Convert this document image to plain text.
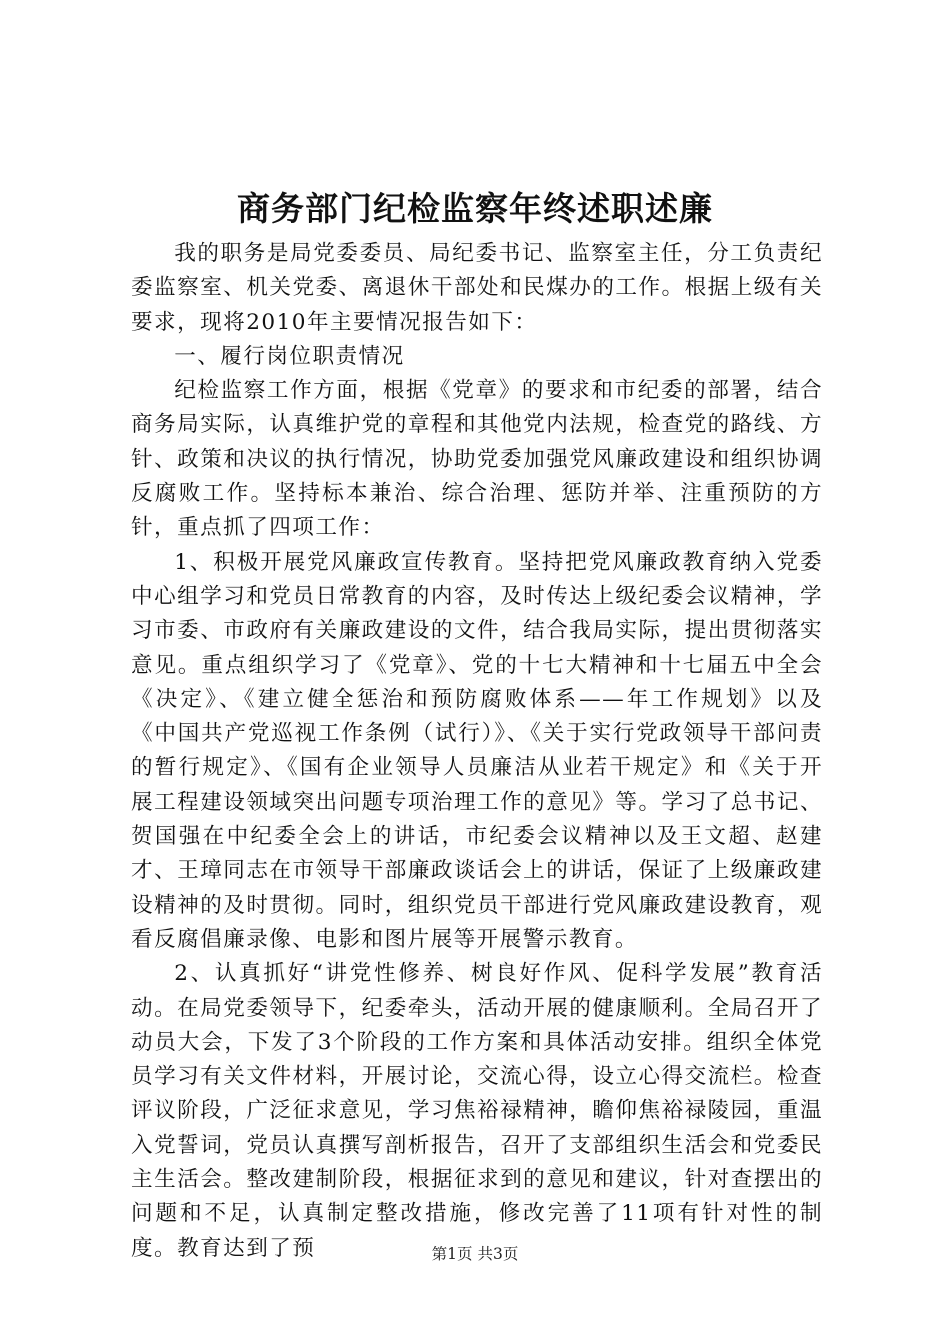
商务部门纪检监察年终述职述廉

我的职务是局党委委员、局纪委书记、监察室主任，分工负责纪委监察室、机关党委、离退休干部处和民煤办的工作。根据上级有关要求，现将2010年主要情况报告如下：

一、履行岗位职责情况

纪检监察工作方面，根据《党章》的要求和市纪委的部署，结合商务局实际，认真维护党的章程和其他党内法规，检查党的路线、方针、政策和决议的执行情况，协助党委加强党风廉政建设和组织协调反腐败工作。坚持标本兼治、综合治理、惩防并举、注重预防的方针，重点抓了四项工作：

1、积极开展党风廉政宣传教育。坚持把党风廉政教育纳入党委中心组学习和党员日常教育的内容，及时传达上级纪委会议精神，学习市委、市政府有关廉政建设的文件，结合我局实际，提出贯彻落实意见。重点组织学习了《党章》、党的十七大精神和十七届五中全会《决定》、《建立健全惩治和预防腐败体系——年工作规划》以及《中国共产党巡视工作条例（试行）》、《关于实行党政领导干部问责的暂行规定》、《国有企业领导人员廉洁从业若干规定》和《关于开展工程建设领域突出问题专项治理工作的意见》等。学习了总书记、贺国强在中纪委全会上的讲话，市纪委会议精神以及王文超、赵建才、王璋同志在市领导干部廉政谈话会上的讲话，保证了上级廉政建设精神的及时贯彻。同时，组织党员干部进行党风廉政建设教育，观看反腐倡廉录像、电影和图片展等开展警示教育。

2、认真抓好“讲党性修养、树良好作风、促科学发展”教育活动。在局党委领导下，纪委牵头，活动开展的健康顺利。全局召开了动员大会，下发了3个阶段的工作方案和具体活动安排。组织全体党员学习有关文件材料，开展讨论，交流心得，设立心得交流栏。检查评议阶段，广泛征求意见，学习焦裕禄精神，瞻仰焦裕禄陵园，重温入党誓词，党员认真撰写剖析报告，召开了支部组织生活会和党委民主生活会。整改建制阶段，根据征求到的意见和建议，针对查摆出的问题和不足，认真制定整改措施，修改完善了11项有针对性的制度。教育达到了预	第1页 共3页
